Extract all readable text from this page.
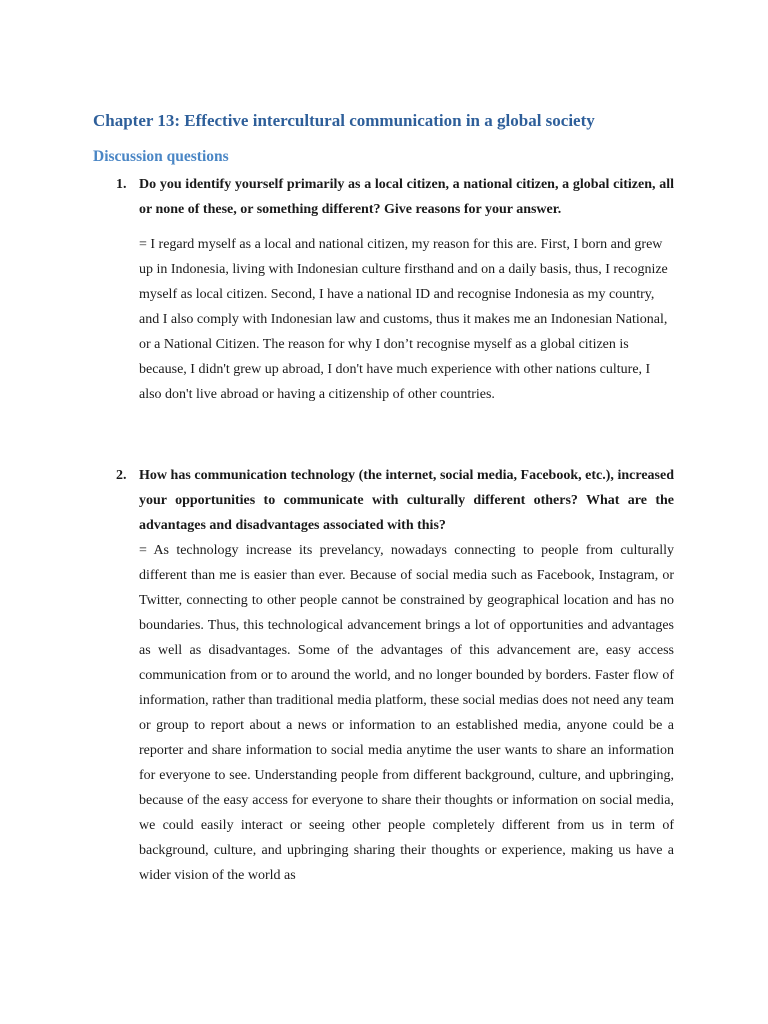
Chapter 13: Effective intercultural communication in a global society
Discussion questions
1. Do you identify yourself primarily as a local citizen, a national citizen, a global citizen, all or none of these, or something different? Give reasons for your answer.

= I regard myself as a local and national citizen, my reason for this are. First, I born and grew up in Indonesia, living with Indonesian culture firsthand and on a daily basis, thus, I recognize myself as local citizen. Second, I have a national ID and recognise Indonesia as my country, and I also comply with Indonesian law and customs, thus it makes me an Indonesian National, or a National Citizen. The reason for why I don’t recognise myself as a global citizen is because, I didn't grew up abroad, I don't have much experience with other nations culture, I also don't live abroad or having a citizenship of other countries.

2. How has communication technology (the internet, social media, Facebook, etc.), increased your opportunities to communicate with culturally different others? What are the advantages and disadvantages associated with this?

= As technology increase its prevelancy, nowadays connecting to people from culturally different than me is easier than ever. Because of social media such as Facebook, Instagram, or Twitter, connecting to other people cannot be constrained by geographical location and has no boundaries. Thus, this technological advancement brings a lot of opportunities and advantages as well as disadvantages. Some of the advantages of this advancement are, easy access communication from or to around the world, and no longer bounded by borders. Faster flow of information, rather than traditional media platform, these social medias does not need any team or group to report about a news or information to an established media, anyone could be a reporter and share information to social media anytime the user wants to share an information for everyone to see. Understanding people from different background, culture, and upbringing, because of the easy access for everyone to share their thoughts or information on social media, we could easily interact or seeing other people completely different from us in term of background, culture, and upbringing sharing their thoughts or experience, making us have a wider vision of the world as
